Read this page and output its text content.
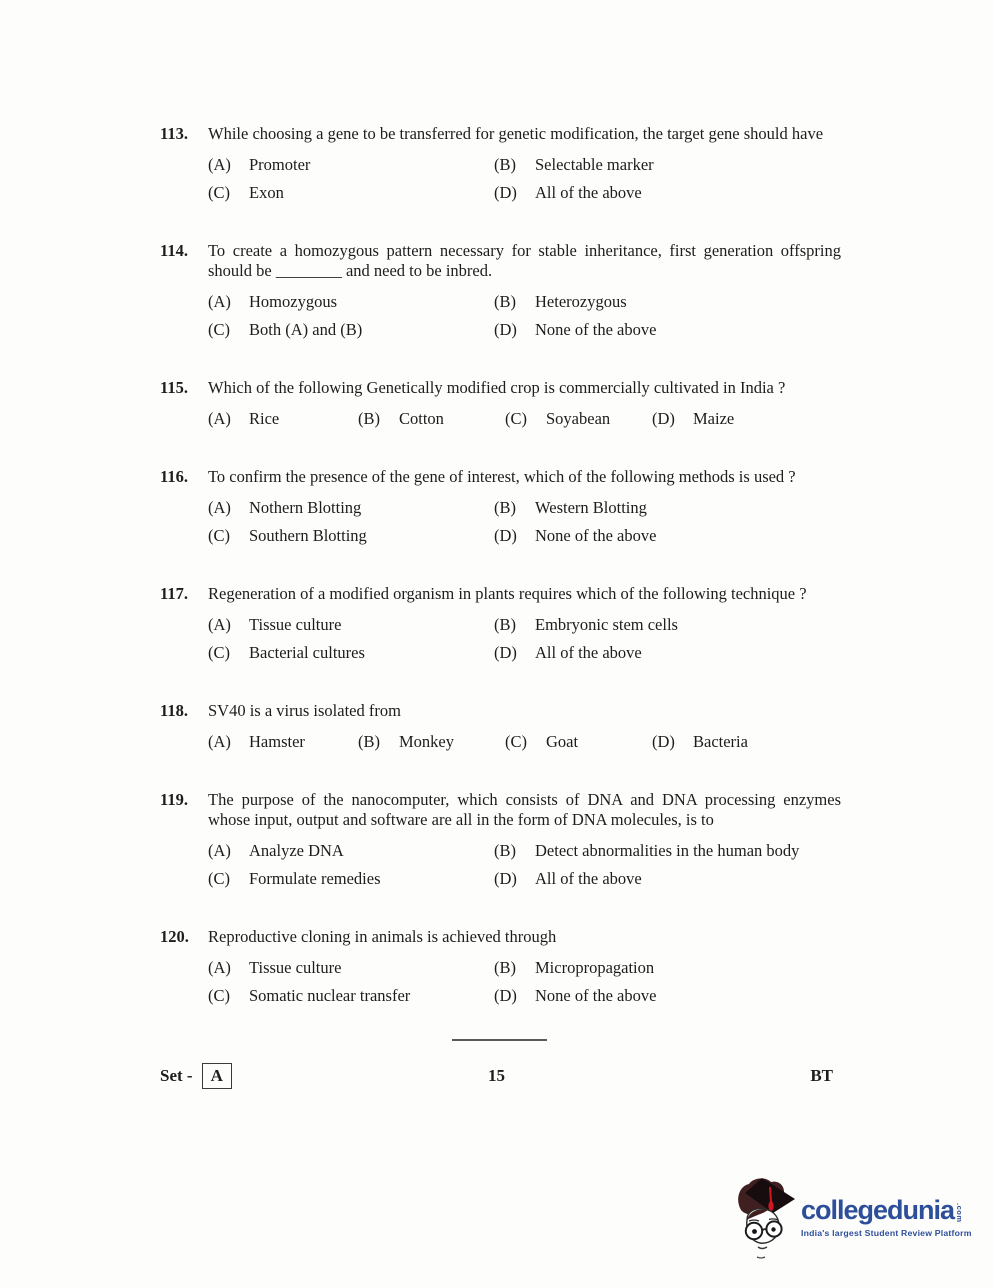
113.	While choosing a gene to be transferred for genetic modification, the target gene should have
(A)	Promoter	(B)	Selectable marker
(C)	Exon	(D)	All of the above
114.	To create a homozygous pattern necessary for stable inheritance, first generation offspring should be ________ and need to be inbred.
(A)	Homozygous	(B)	Heterozygous
(C)	Both (A) and (B)	(D)	None of the above
115.	Which of the following Genetically modified crop is commercially cultivated in India ?
(A)	Rice	(B)	Cotton	(C)	Soyabean	(D)	Maize
116.	To confirm the presence of the gene of interest, which of the following methods is used ?
(A)	Nothern Blotting	(B)	Western Blotting
(C)	Southern Blotting	(D)	None of the above
117.	Regeneration of a modified organism in plants requires which of the following technique ?
(A)	Tissue culture	(B)	Embryonic stem cells
(C)	Bacterial cultures	(D)	All of the above
118.	SV40 is a virus isolated from
(A)	Hamster	(B)	Monkey	(C)	Goat	(D)	Bacteria
119.	The purpose of the nanocomputer, which consists of DNA and DNA processing enzymes whose input, output and software are all in the form of DNA molecules, is to
(A)	Analyze DNA	(B)	Detect abnormalities in the human body
(C)	Formulate remedies	(D)	All of the above
120.	Reproductive cloning in animals is achieved through
(A)	Tissue culture	(B)	Micropropagation
(C)	Somatic nuclear transfer	(D)	None of the above
Set -	A	15	BT
collegedunia .com
India's largest Student Review Platform
